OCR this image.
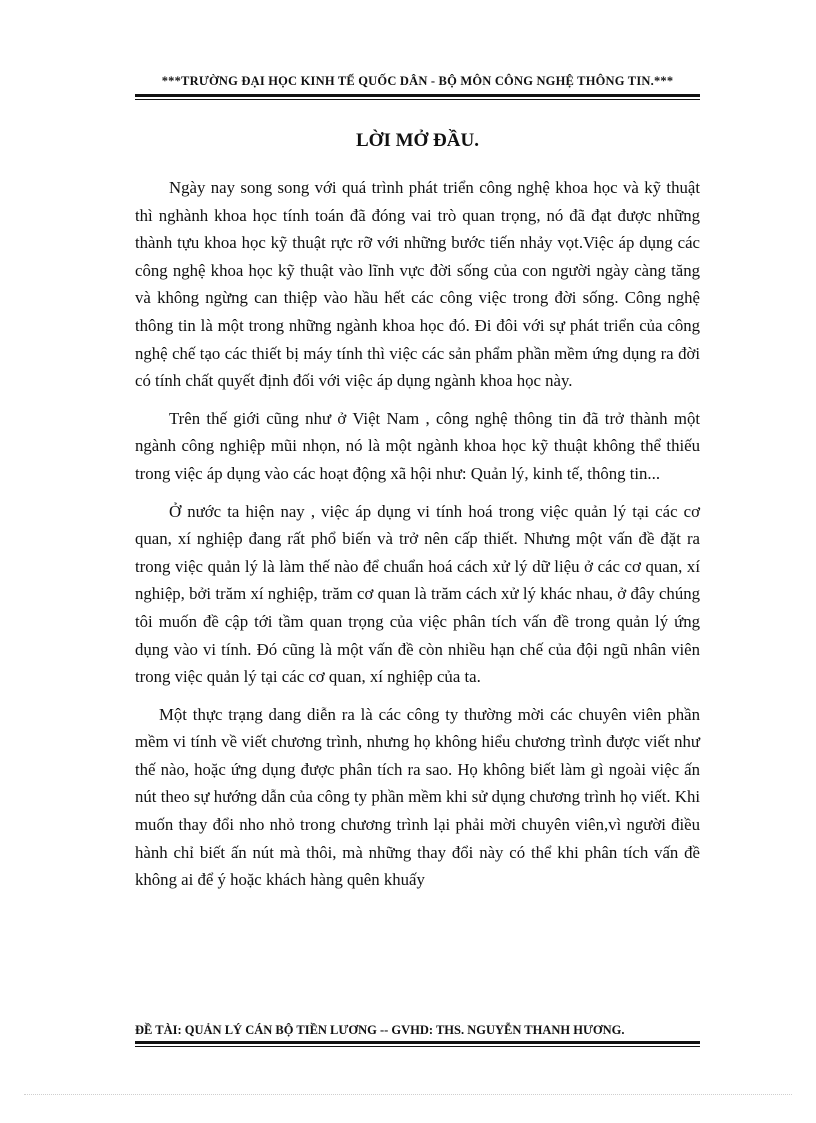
***TRƯỜNG ĐẠI HỌC KINH TẾ QUỐC DÂN - BỘ MÔN CÔNG NGHỆ THÔNG TIN.***
LỜI MỞ ĐẦU.

Ngày nay song song với quá trình phát triển công nghệ khoa học và kỹ thuật thì nghành khoa học tính toán đã đóng vai trò quan trọng, nó đã đạt được những thành tựu khoa học kỹ thuật rực rỡ với những bước tiến nhảy vọt.Việc áp dụng các công nghệ khoa học kỹ thuật vào lĩnh vực đời sống của con người ngày càng tăng và không ngừng can thiệp vào hầu hết các công việc trong đời sống. Công nghệ thông tin là một trong những ngành khoa học đó. Đi đôi với sự phát triển của công nghệ chế tạo các thiết bị máy tính thì việc các sản phẩm phần mềm ứng dụng ra đời có tính chất quyết định đối với việc áp dụng ngành khoa học này.

Trên thế giới cũng như ở Việt Nam , công nghệ thông tin đã trở thành một ngành công nghiệp mũi nhọn, nó là một ngành khoa học kỹ thuật không thể thiếu trong việc áp dụng vào các hoạt động xã hội như: Quản lý, kinh tế, thông tin...

Ở nước ta hiện nay , việc áp dụng vi tính hoá trong việc quản lý tại các cơ quan, xí nghiệp đang rất phổ biến và trở nên cấp thiết. Nhưng một vấn đề đặt ra trong việc quản lý là làm thế nào để chuẩn hoá cách xử lý dữ liệu ở các cơ quan, xí nghiệp, bởi trăm xí nghiệp, trăm cơ quan là trăm cách xử lý khác nhau, ở đây chúng tôi muốn đề cập tới tầm quan trọng của việc phân tích vấn đề trong quản lý ứng dụng vào vi tính. Đó cũng là một vấn đề còn nhiều hạn chế của đội ngũ nhân viên trong việc quản lý tại các cơ quan, xí nghiệp của ta.

Một thực trạng dang diễn ra là các công ty thường mời các chuyên viên phần mềm vi tính về viết chương trình, nhưng họ không hiểu chương trình được viết như thế nào, hoặc ứng dụng được phân tích ra sao. Họ không biết làm gì ngoài việc ấn nút theo sự hướng dẫn của công ty phần mềm khi sử dụng chương trình họ viết. Khi muốn thay đổi nho nhỏ trong chương trình lại phải mời chuyên viên,vì người điều hành chỉ biết ấn nút mà thôi, mà những thay đổi này có thể khi phân tích vấn đề không ai để ý hoặc khách hàng quên khuấy

ĐỀ TÀI: QUẢN LÝ CÁN BỘ TIỀN LƯƠNG -- GVHD: THS. NGUYỄN THANH HƯƠNG.
